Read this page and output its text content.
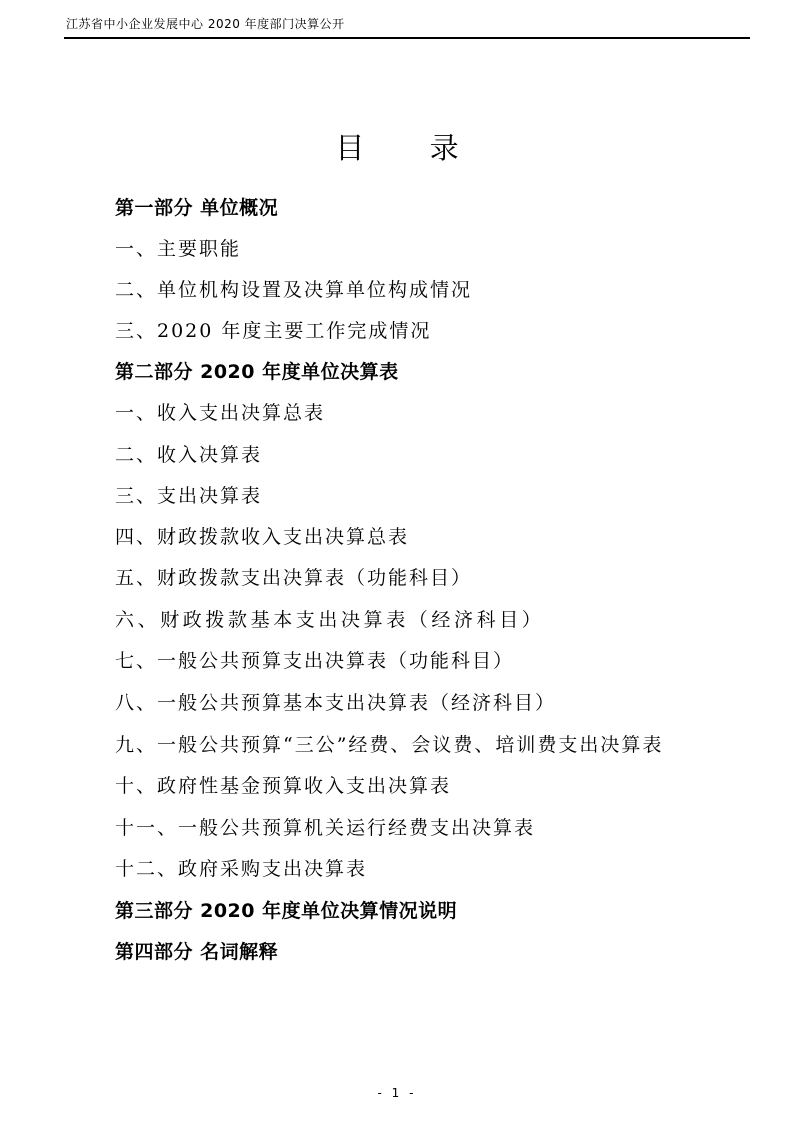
江苏省中小企业发展中心 2020 年度部门决算公开
目 录
第一部分 单位概况
一、主要职能
二、单位机构设置及决算单位构成情况
三、2020 年度主要工作完成情况
第二部分 2020 年度单位决算表
一、收入支出决算总表
二、收入决算表
三、支出决算表
四、财政拨款收入支出决算总表
五、财政拨款支出决算表（功能科目）
六、财政拨款基本支出决算表（经济科目）
七、一般公共预算支出决算表（功能科目）
八、一般公共预算基本支出决算表（经济科目）
九、一般公共预算“三公”经费、会议费、培训费支出决算表
十、政府性基金预算收入支出决算表
十一、一般公共预算机关运行经费支出决算表
十二、政府采购支出决算表
第三部分 2020 年度单位决算情况说明
第四部分 名词解释
- 1 -
